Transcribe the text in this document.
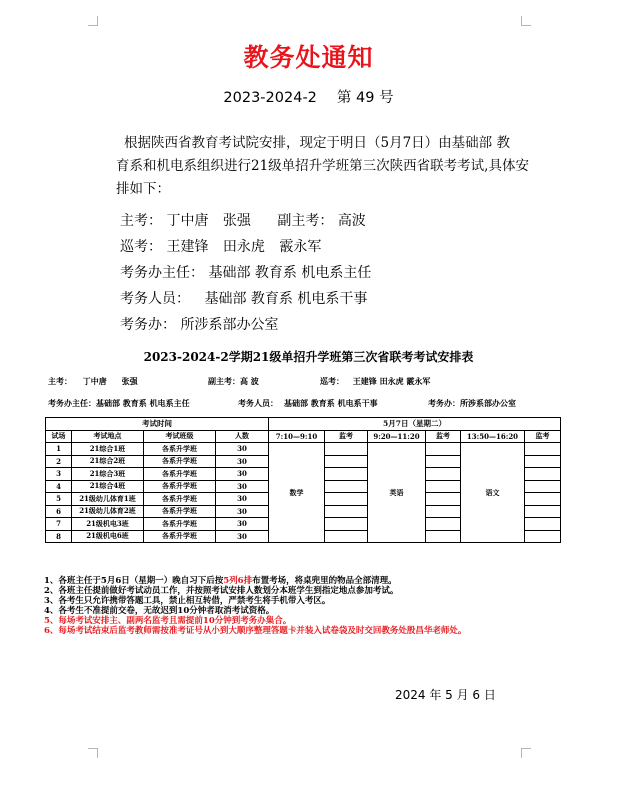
教务处通知
2023-2024-2 第 49 号
根据陕西省教育考试院安排，现定于明日（5月7日）由基础部 教
育系和机电系组织进行21级单招升学班第三次陕西省联考考试,具体安
排如下：
主考： 丁中唐 张强 副主考： 高波
巡考： 王建锋 田永虎 霰永军
考务办主任： 基础部 教育系 机电系主任
考务人员： 基础部 教育系 机电系干事
考务办： 所涉系部办公室
2023-2024-2学期21级单招升学班第三次省联考考试安排表
主考： 丁中唐 张强	副主考：高 波	巡考： 王建锋 田永虎 霰永军
考务办主任：基础部 教育系 机电系主任	考务人员： 基础部 教育系 机电系干事	考务办：所涉系部办公室
考试时间				5月7日（星期二）					
试场	考试地点	考试班级	人数	7:10—9:10	监考	9:20—11:20	监考	13:50—16:20	监考
1	21综合1班	各系升学班	30	数学		英语		语文	
2	21综合2班	各系升学班	30						
3	21综合3班	各系升学班	30						
4	21综合4班	各系升学班	30						
5	21级幼儿体育1班	各系升学班	30						
6	21级幼儿体育2班	各系升学班	30						
7	21级机电3班	各系升学班	30						
8	21级机电6班	各系升学班	30						
1、各班主任于5月6日（星期一）晚自习下后按5列6排布置考场，将桌兜里的物品全部清理。
2、各班主任提前做好考试动员工作，并按照考试安排人数划分本班学生到指定地点参加考试。
3、各考生只允许携带答题工具，禁止相互转借，严禁考生将手机带入考区。
4、各考生不准提前交卷，无故迟到10分钟者取消考试资格。
5、每场考试安排主、副两名监考且需提前10分钟到考务办集合。
6、每场考试结束后监考教师需按准考证号从小到大顺序整理答题卡并装入试卷袋及时交回教务处殷昌华老师处。
2024 年 5 月 6 日
